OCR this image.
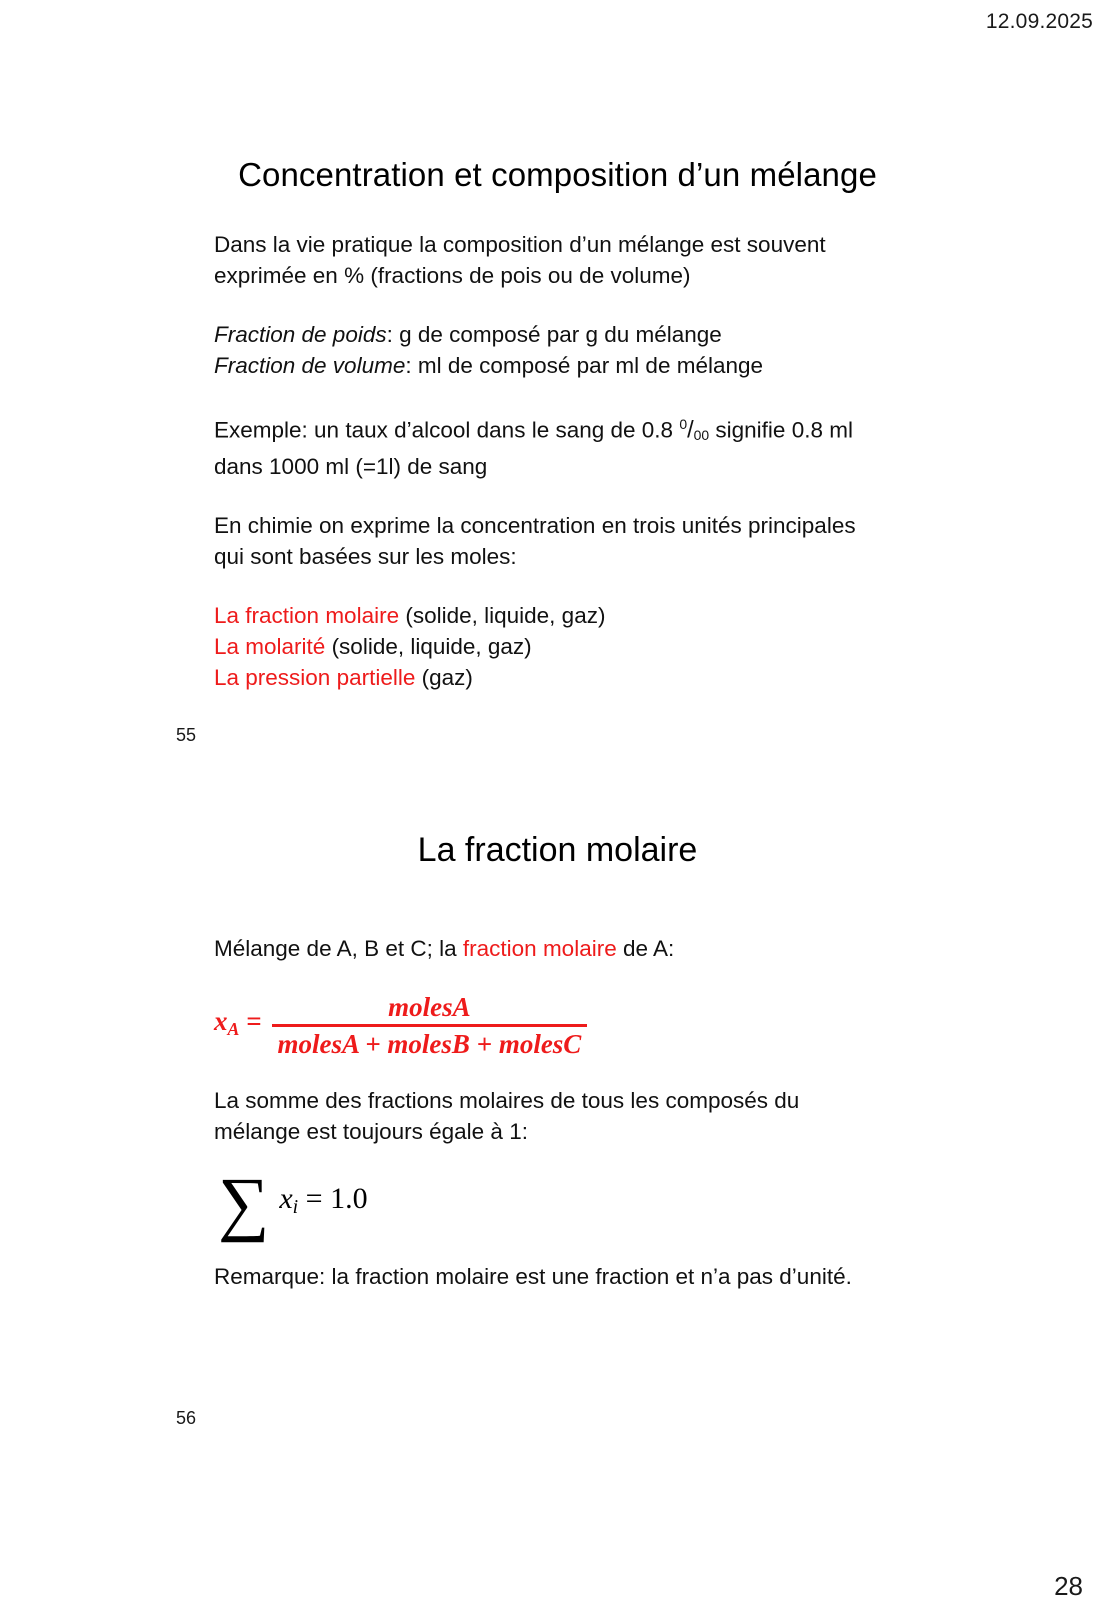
12.09.2025
Concentration et composition d’un mélange

Dans la vie pratique la composition d’un mélange est souvent
exprimée en % (fractions de pois ou de volume)

Fraction de poids: g de composé par g du mélange
Fraction de volume: ml de composé par ml de mélange

Exemple: un taux d’alcool dans le sang de 0.8 $^0$/00 signifie 0.8 ml
dans 1000 ml (=1l) de sang

En chimie on exprime la concentration en trois unités principales
qui sont basées sur les moles:

La fraction molaire (solide, liquide, gaz)
La molarité (solide, liquide, gaz)
La pression partielle (gaz)

55
La fraction molaire

Mélange de A, B et C; la fraction molaire de A:

$x_A = \frac{\text{molesA}}{\text{molesA + molesB + molesC}}$

La somme des fractions molaires de tous les composés du
mélange est toujours égale à 1:

∑ $x_i = 1.0$

Remarque: la fraction molaire est une fraction et n’a pas d’unité.

56
28
